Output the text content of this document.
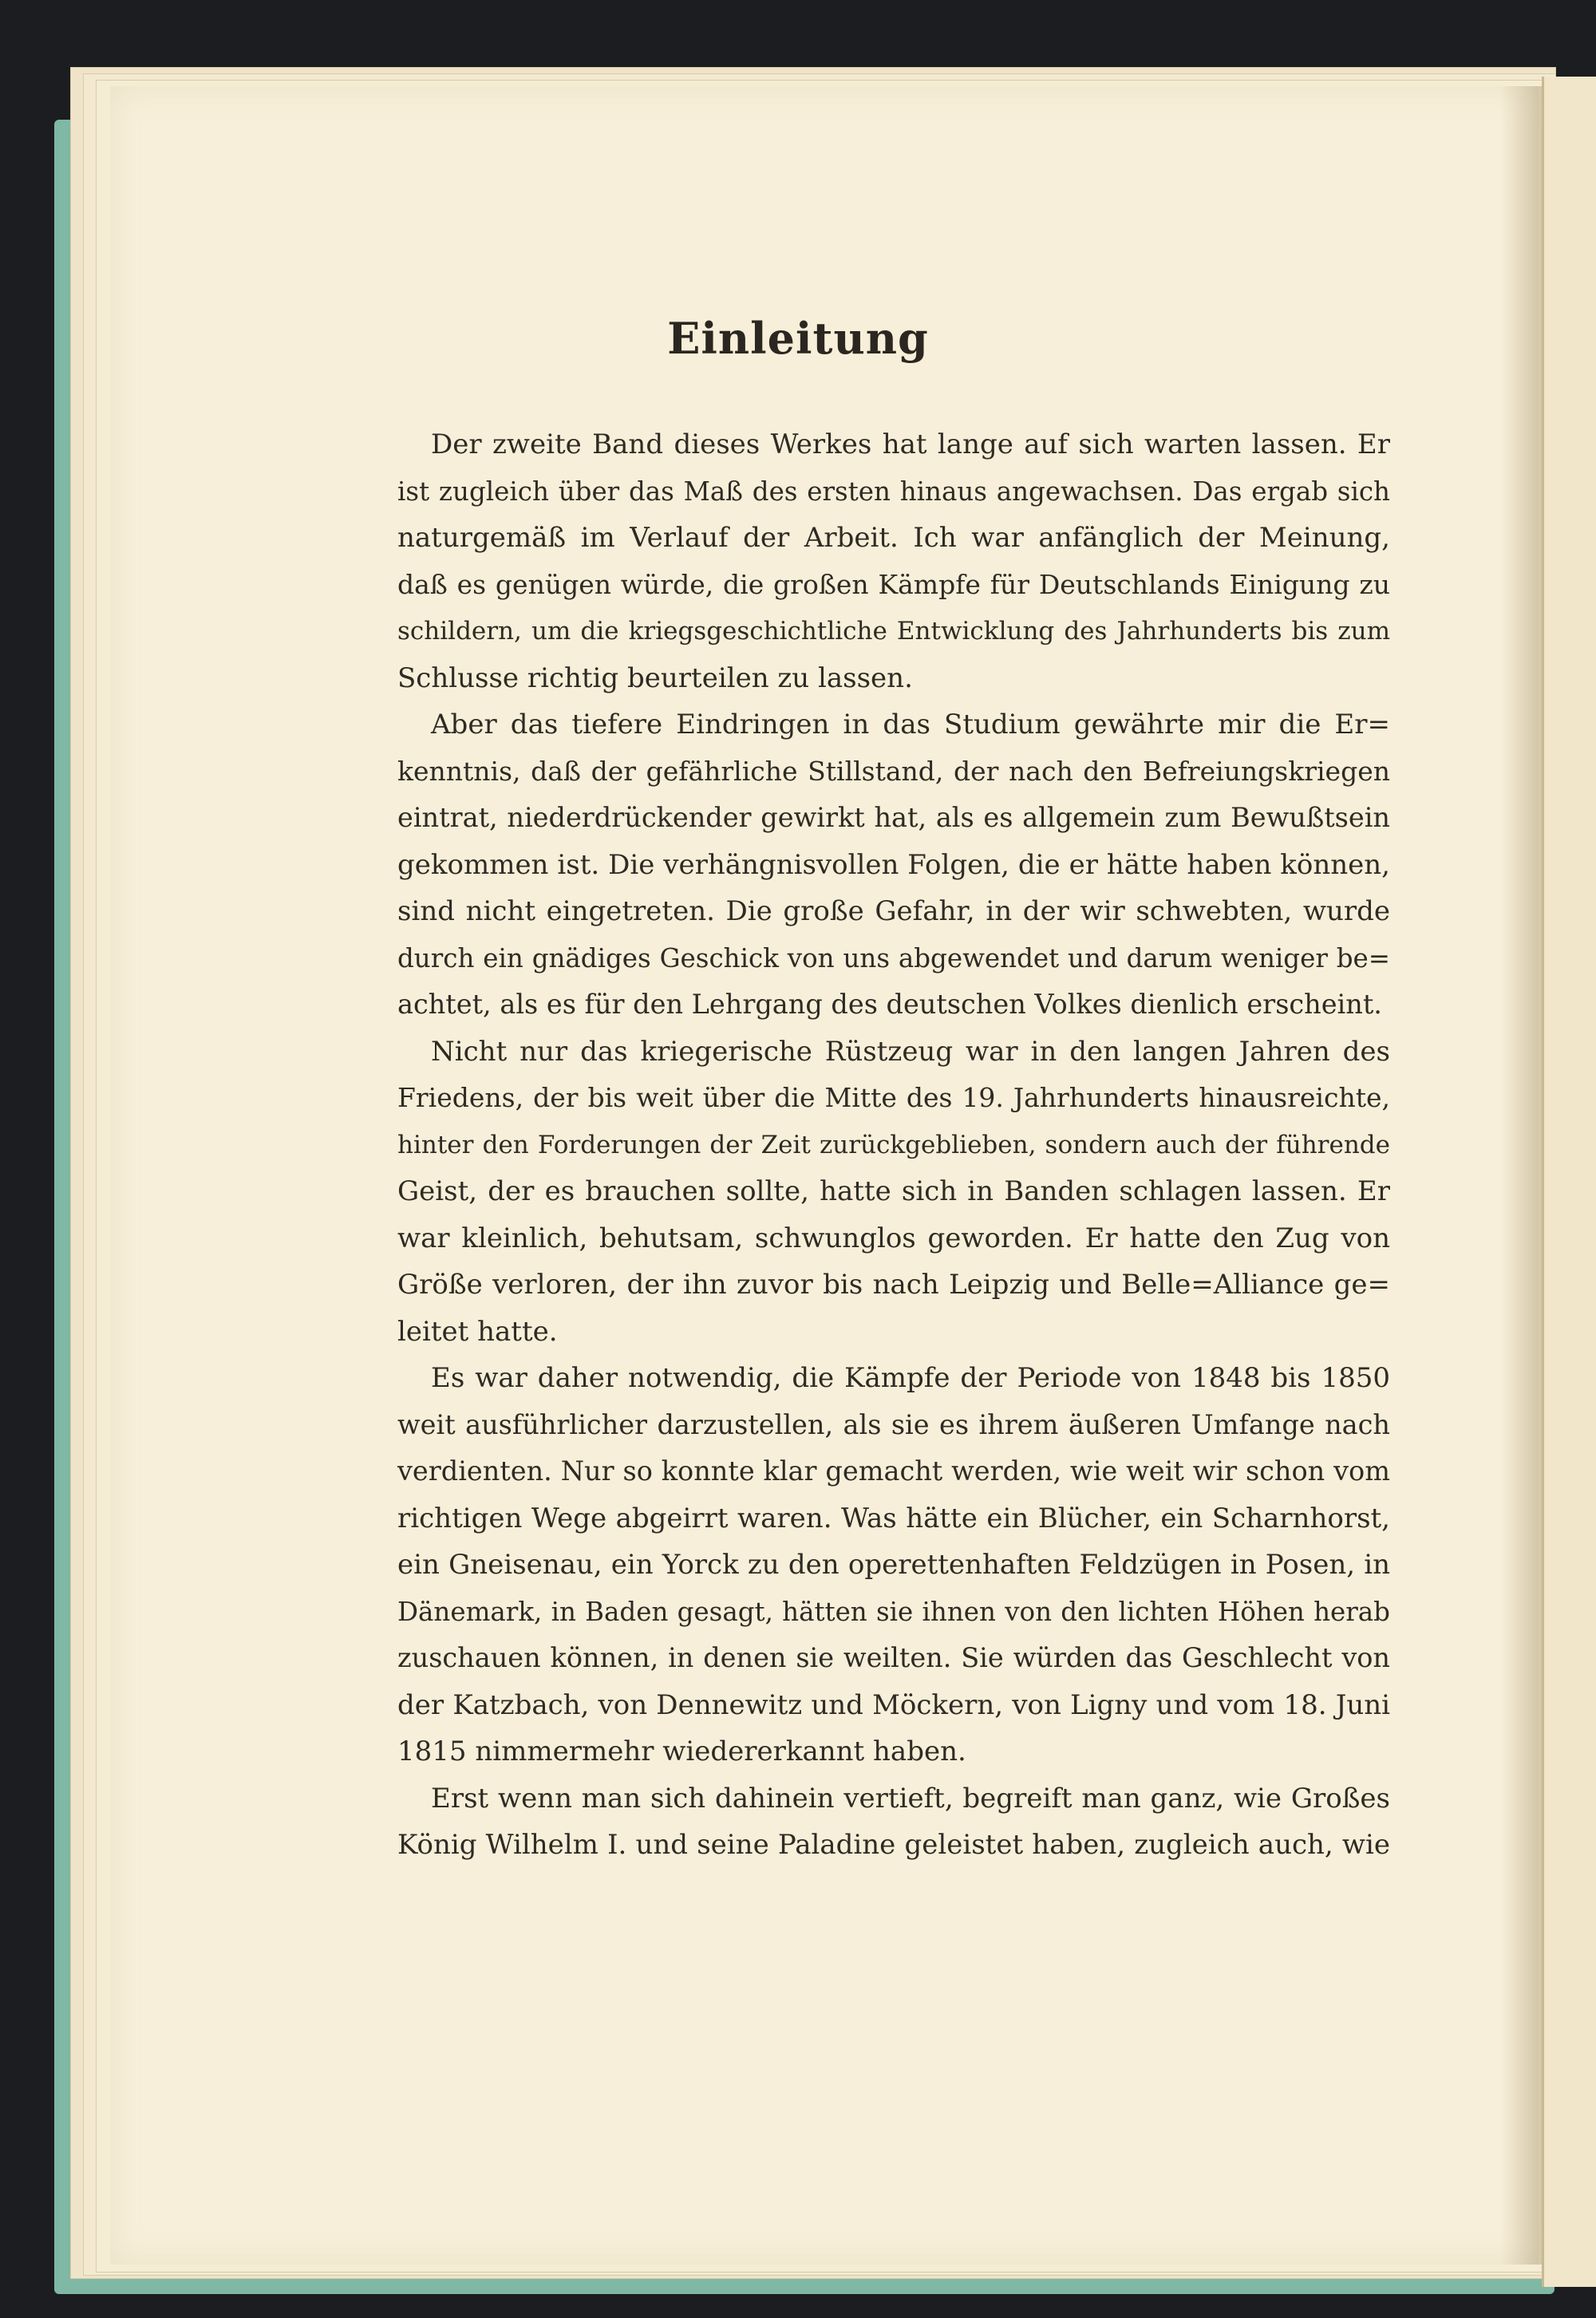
Einleitung
Der zweite Band dieses Werkes hat lange auf sich warten lassen. Er
ist zugleich über das Maß des ersten hinaus angewachsen. Das ergab sich
naturgemäß im Verlauf der Arbeit. Ich war anfänglich der Meinung,
daß es genügen würde, die großen Kämpfe für Deutschlands Einigung zu
schildern, um die kriegsgeschichtliche Entwicklung des Jahrhunderts bis zum
Schlusse richtig beurteilen zu lassen.
Aber das tiefere Eindringen in das Studium gewährte mir die Er=
kenntnis, daß der gefährliche Stillstand, der nach den Befreiungskriegen
eintrat, niederdrückender gewirkt hat, als es allgemein zum Bewußtsein
gekommen ist. Die verhängnisvollen Folgen, die er hätte haben können,
sind nicht eingetreten. Die große Gefahr, in der wir schwebten, wurde
durch ein gnädiges Geschick von uns abgewendet und darum weniger be=
achtet, als es für den Lehrgang des deutschen Volkes dienlich erscheint.
Nicht nur das kriegerische Rüstzeug war in den langen Jahren des
Friedens, der bis weit über die Mitte des 19. Jahrhunderts hinausreichte,
hinter den Forderungen der Zeit zurückgeblieben, sondern auch der führende
Geist, der es brauchen sollte, hatte sich in Banden schlagen lassen. Er
war kleinlich, behutsam, schwunglos geworden. Er hatte den Zug von
Größe verloren, der ihn zuvor bis nach Leipzig und Belle=Alliance ge=
leitet hatte.
Es war daher notwendig, die Kämpfe der Periode von 1848 bis 1850
weit ausführlicher darzustellen, als sie es ihrem äußeren Umfange nach
verdienten. Nur so konnte klar gemacht werden, wie weit wir schon vom
richtigen Wege abgeirrt waren. Was hätte ein Blücher, ein Scharnhorst,
ein Gneisenau, ein Yorck zu den operettenhaften Feldzügen in Posen, in
Dänemark, in Baden gesagt, hätten sie ihnen von den lichten Höhen herab
zuschauen können, in denen sie weilten. Sie würden das Geschlecht von
der Katzbach, von Dennewitz und Möckern, von Ligny und vom 18. Juni
1815 nimmermehr wiedererkannt haben.
Erst wenn man sich dahinein vertieft, begreift man ganz, wie Großes
König Wilhelm I. und seine Paladine geleistet haben, zugleich auch, wie
